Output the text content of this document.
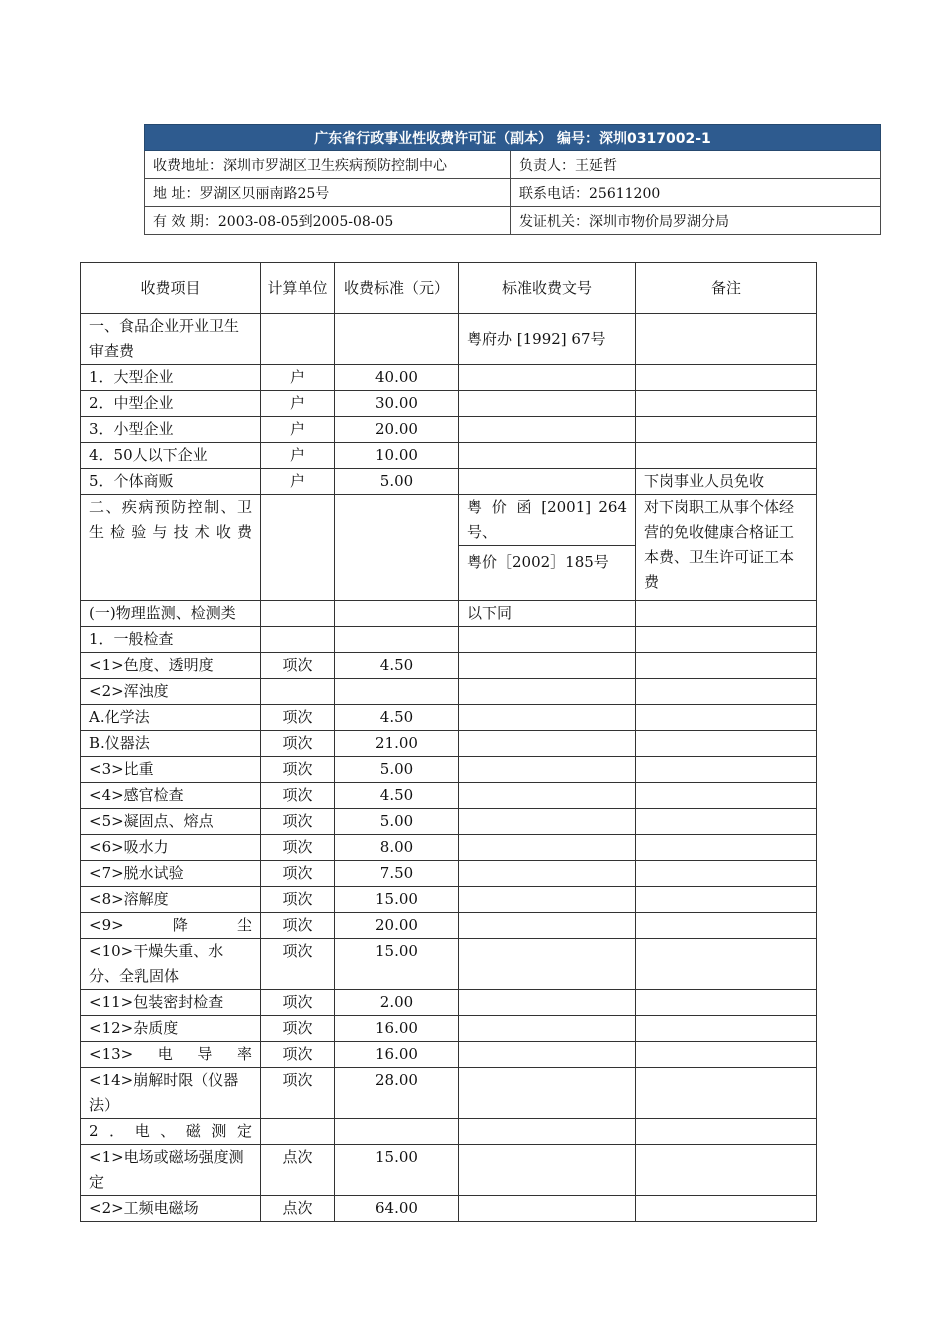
广东省行政事业性收费许可证（副本） 编号：深圳0317002-1	
收费地址：深圳市罗湖区卫生疾病预防控制中心	负责人：王延哲
地 址：罗湖区贝丽南路25号	联系电话：25611200
有 效 期：2003-08-05到2005-08-05	发证机关：深圳市物价局罗湖分局
收费项目	计算单位	收费标准（元）	标准收费文号	备注
一、食品企业开业卫生审查费			粤府办 [1992] 67号	
1．大型企业	户	40.00		
2．中型企业	户	30.00		
3．小型企业	户	20.00		
4．50人以下企业	户	10.00		
5．个体商贩	户	5.00		下岗事业人员免收
二、疾病预防控制、卫生检验与技术收费			粤 价 函 [2001] 264号、
粤价［2002］185号	对下岗职工从事个体经营的免收健康合格证工本费、卫生许可证工本费
(一)物理监测、检测类			以下同	
1．一般检查				
<1>色度、透明度	项次	4.50		
<2>浑浊度				
A.化学法	项次	4.50		
B.仪器法	项次	21.00		
<3>比重	项次	5.00		
<4>感官检查	项次	4.50		
<5>凝固点、熔点	项次	5.00		
<6>吸水力	项次	8.00		
<7>脱水试验	项次	7.50		
<8>溶解度	项次	15.00		
<9>降尘	项次	20.00		
<10>干燥失重、水分、全乳固体	项次	15.00		
<11>包装密封检查	项次	2.00		
<12>杂质度	项次	16.00		
<13>电导率	项次	16.00		
<14>崩解时限（仪器法）	项次	28.00		
2．电、磁测定				
<1>电场或磁场强度测定	点次	15.00		
<2>工频电磁场	点次	64.00		
